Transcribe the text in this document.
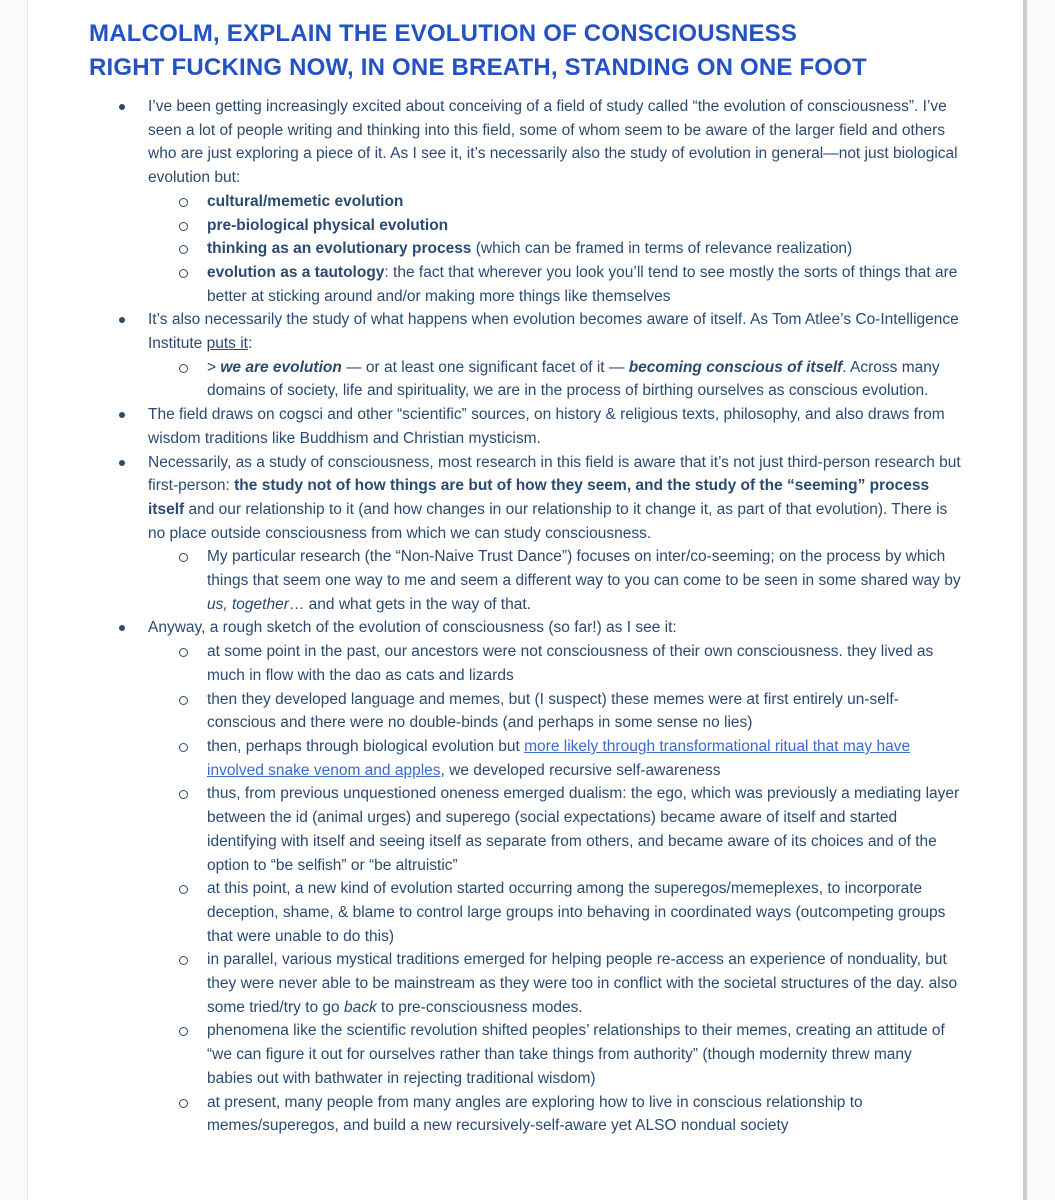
MALCOLM, EXPLAIN THE EVOLUTION OF CONSCIOUSNESS
RIGHT FUCKING NOW, IN ONE BREATH, STANDING ON ONE FOOT
I’ve been getting increasingly excited about conceiving of a field of study called “the evolution of consciousness”. I’ve seen a lot of people writing and thinking into this field, some of whom seem to be aware of the larger field and others who are just exploring a piece of it. As I see it, it’s necessarily also the study of evolution in general—not just biological evolution but:
cultural/memetic evolution
pre-biological physical evolution
thinking as an evolutionary process (which can be framed in terms of relevance realization)
evolution as a tautology: the fact that wherever you look you’ll tend to see mostly the sorts of things that are better at sticking around and/or making more things like themselves
It’s also necessarily the study of what happens when evolution becomes aware of itself. As Tom Atlee’s Co-Intelligence Institute puts it:
> we are evolution — or at least one significant facet of it — becoming conscious of itself. Across many domains of society, life and spirituality, we are in the process of birthing ourselves as conscious evolution.
The field draws on cogsci and other “scientific” sources, on history & religious texts, philosophy, and also draws from wisdom traditions like Buddhism and Christian mysticism.
Necessarily, as a study of consciousness, most research in this field is aware that it’s not just third-person research but first-person: the study not of how things are but of how they seem, and the study of the “seeming” process itself and our relationship to it (and how changes in our relationship to it change it, as part of that evolution). There is no place outside consciousness from which we can study consciousness.
My particular research (the “Non-Naive Trust Dance”) focuses on inter/co-seeming; on the process by which things that seem one way to me and seem a different way to you can come to be seen in some shared way by us, together… and what gets in the way of that.
Anyway, a rough sketch of the evolution of consciousness (so far!) as I see it:
at some point in the past, our ancestors were not consciousness of their own consciousness. they lived as much in flow with the dao as cats and lizards
then they developed language and memes, but (I suspect) these memes were at first entirely un-self-conscious and there were no double-binds (and perhaps in some sense no lies)
then, perhaps through biological evolution but more likely through transformational ritual that may have involved snake venom and apples, we developed recursive self-awareness
thus, from previous unquestioned oneness emerged dualism: the ego, which was previously a mediating layer between the id (animal urges) and superego (social expectations) became aware of itself and started identifying with itself and seeing itself as separate from others, and became aware of its choices and of the option to “be selfish” or “be altruistic”
at this point, a new kind of evolution started occurring among the superegos/memeplexes, to incorporate deception, shame, & blame to control large groups into behaving in coordinated ways (outcompeting groups that were unable to do this)
in parallel, various mystical traditions emerged for helping people re-access an experience of nonduality, but they were never able to be mainstream as they were too in conflict with the societal structures of the day. also some tried/try to go back to pre-consciousness modes.
phenomena like the scientific revolution shifted peoples’ relationships to their memes, creating an attitude of “we can figure it out for ourselves rather than take things from authority” (though modernity threw many babies out with bathwater in rejecting traditional wisdom)
at present, many people from many angles are exploring how to live in conscious relationship to memes/superegos, and build a new recursively-self-aware yet ALSO nondual society
